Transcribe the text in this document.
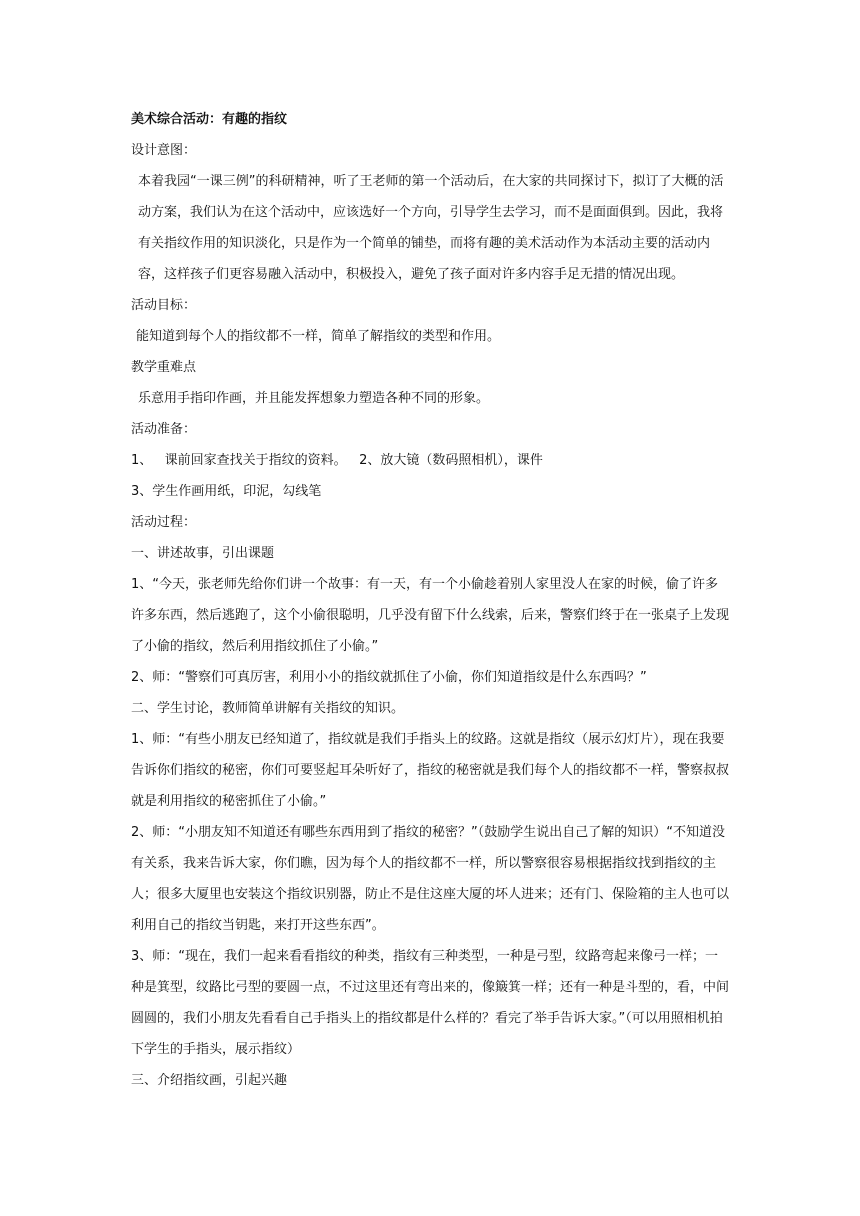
美术综合活动：有趣的指纹

设计意图：

本着我园“一课三例”的科研精神，听了王老师的第一个活动后，在大家的共同探讨下，拟订了大概的活动方案，我们认为在这个活动中，应该选好一个方向，引导学生去学习，而不是面面俱到。因此，我将有关指纹作用的知识淡化，只是作为一个简单的铺垫，而将有趣的美术活动作为本活动主要的活动内容，这样孩子们更容易融入活动中，积极投入，避免了孩子面对许多内容手足无措的情况出现。

活动目标：

能知道到每个人的指纹都不一样，简单了解指纹的类型和作用。

教学重难点

乐意用手指印作画，并且能发挥想象力塑造各种不同的形象。

活动准备：

1、   课前回家查找关于指纹的资料。   2、放大镜（数码照相机），课件

3、学生作画用纸，印泥，勾线笔

活动过程：

一、讲述故事，引出课题

1、“今天，张老师先给你们讲一个故事：有一天，有一个小偷趁着别人家里没人在家的时候，偷了许多许多东西，然后逃跑了，这个小偷很聪明，几乎没有留下什么线索，后来，警察们终于在一张桌子上发现了小偷的指纹，然后利用指纹抓住了小偷。”

2、师：“警察们可真厉害，利用小小的指纹就抓住了小偷，你们知道指纹是什么东西吗？”

二、学生讨论，教师简单讲解有关指纹的知识。

1、师：“有些小朋友已经知道了，指纹就是我们手指头上的纹路。这就是指纹（展示幻灯片），现在我要告诉你们指纹的秘密，你们可要竖起耳朵听好了，指纹的秘密就是我们每个人的指纹都不一样，警察叔叔就是利用指纹的秘密抓住了小偷。”

2、师：“小朋友知不知道还有哪些东西用到了指纹的秘密？”（鼓励学生说出自己了解的知识）“不知道没有关系，我来告诉大家，你们瞧，因为每个人的指纹都不一样，所以警察很容易根据指纹找到指纹的主人；很多大厦里也安装这个指纹识别器，防止不是住这座大厦的坏人进来；还有门、保险箱的主人也可以利用自己的指纹当钥匙，来打开这些东西”。

3、师：“现在，我们一起来看看指纹的种类，指纹有三种类型，一种是弓型，纹路弯起来像弓一样；一种是箕型，纹路比弓型的要圆一点，不过这里还有弯出来的，像簸箕一样；还有一种是斗型的，看，中间圆圆的，我们小朋友先看看自己手指头上的指纹都是什么样的？看完了举手告诉大家。”（可以用照相机拍下学生的手指头，展示指纹）

三、介绍指纹画，引起兴趣
